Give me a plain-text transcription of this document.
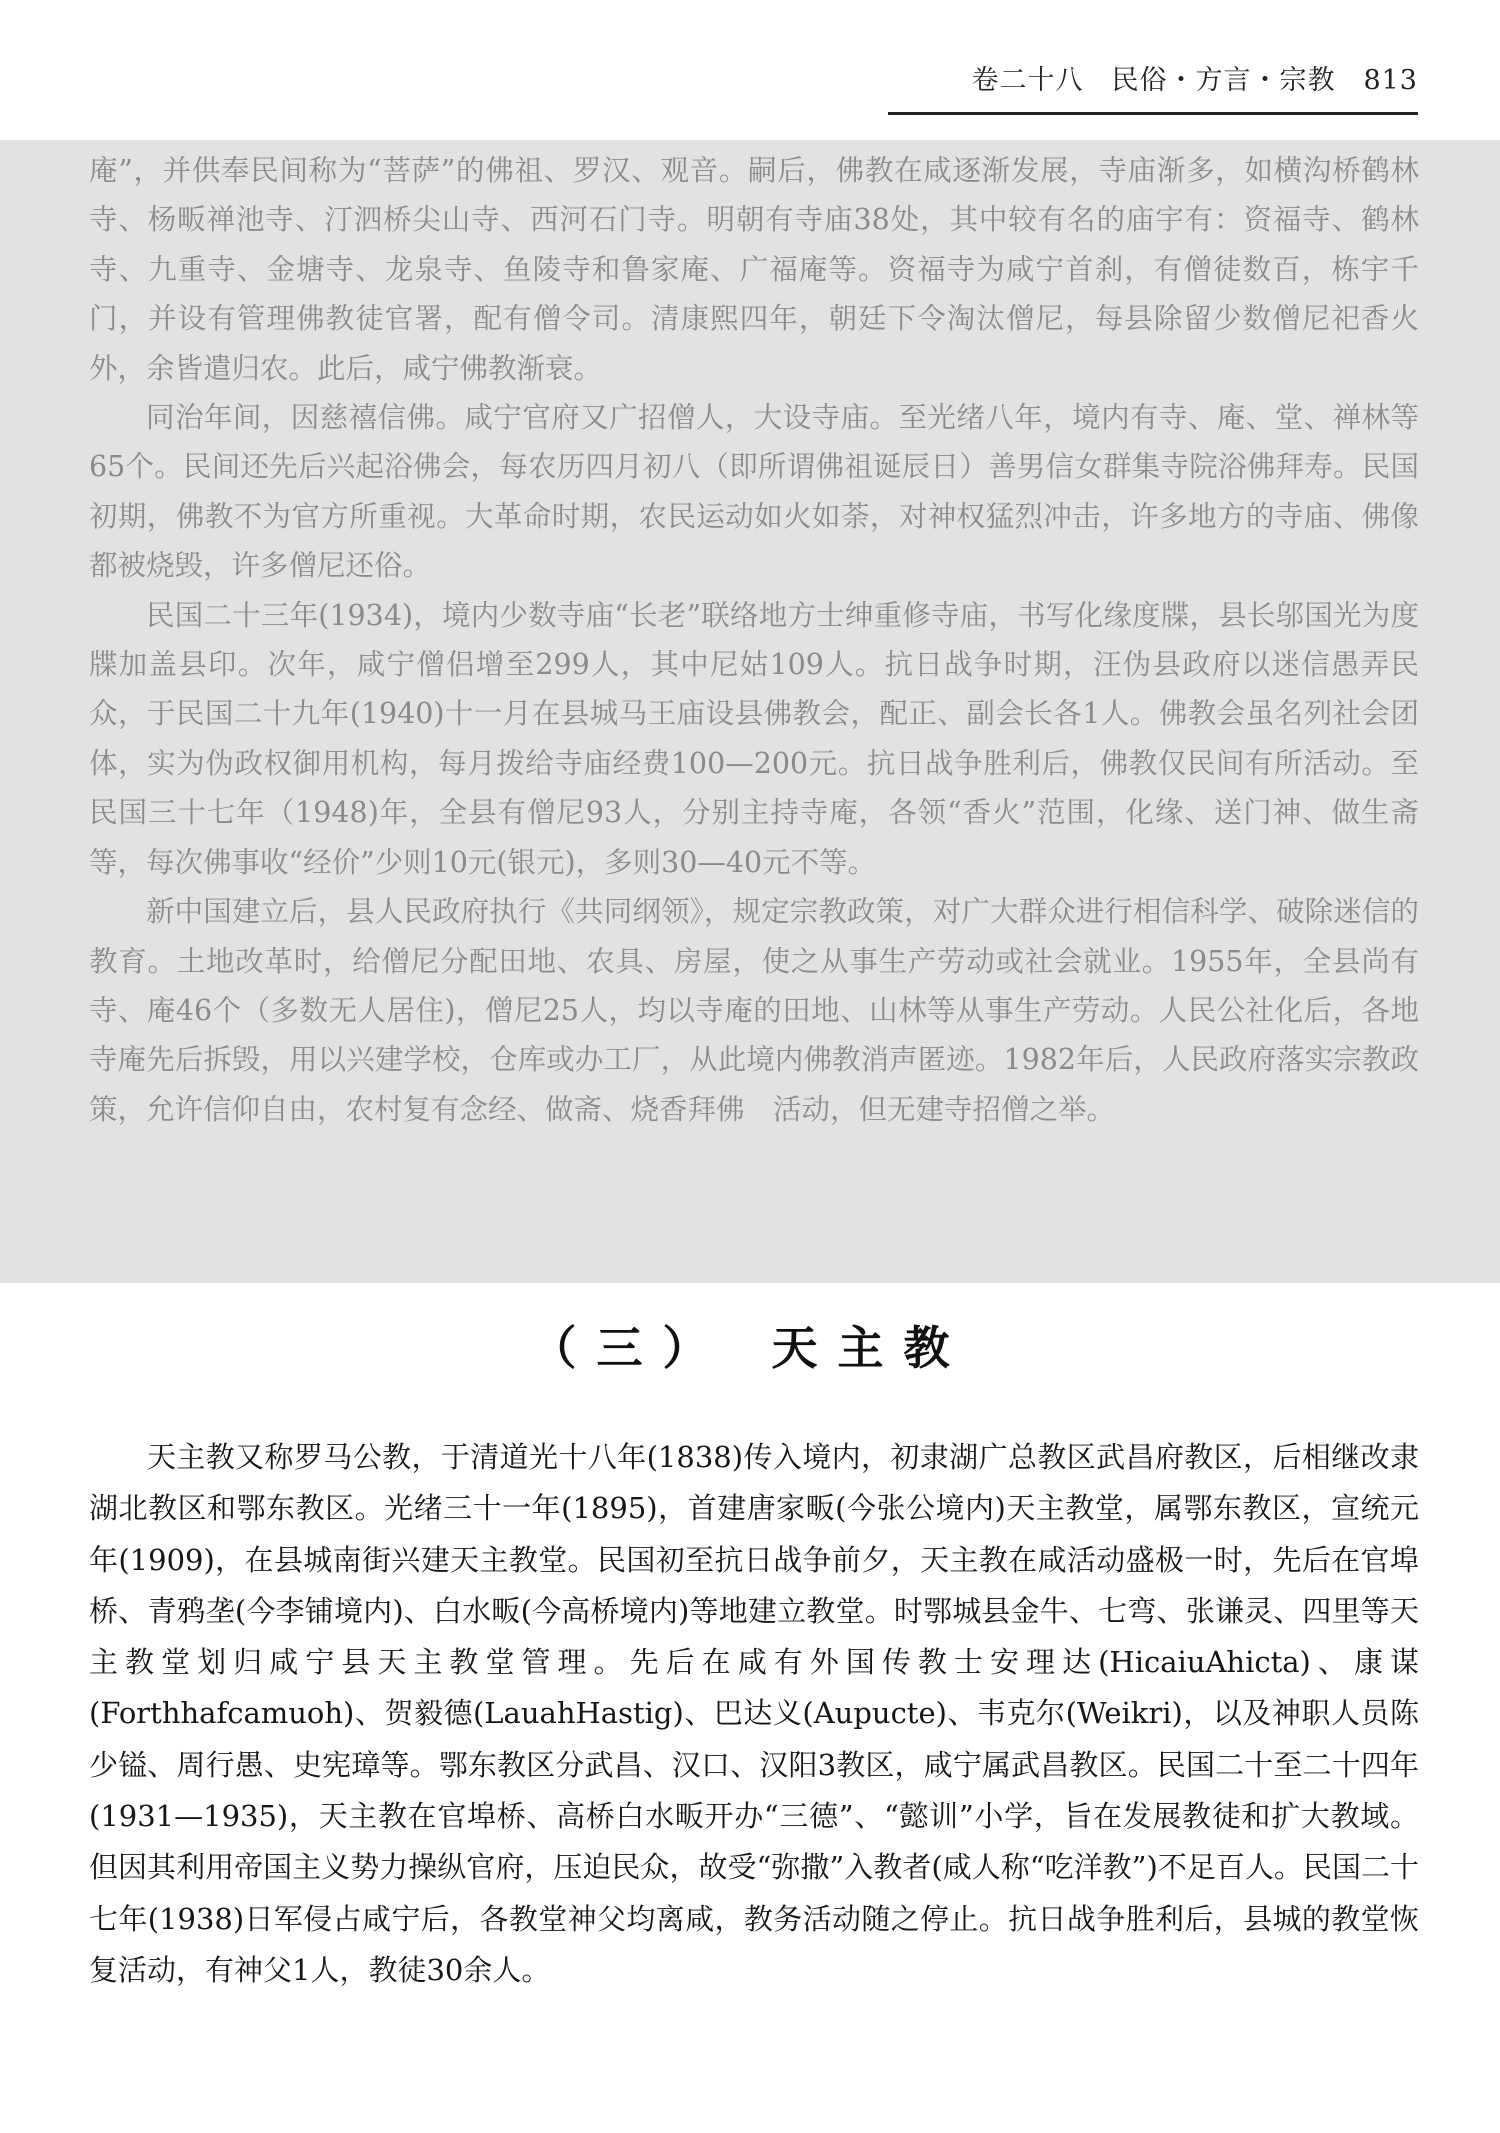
卷二十八　民俗・方言・宗教　813

庵”，并供奉民间称为“菩萨”的佛祖、罗汉、观音。嗣后，佛教在咸逐渐发展，寺庙渐多，如横沟桥鹤林寺、杨畈禅池寺、汀泗桥尖山寺、西河石门寺。明朝有寺庙38处，其中较有名的庙宇有：资福寺、鹤林寺、九重寺、金塘寺、龙泉寺、鱼陵寺和鲁家庵、广福庵等。资福寺为咸宁首刹，有僧徒数百，栋宇千门，并设有管理佛教徒官署，配有僧令司。清康熙四年，朝廷下令淘汰僧尼，每县除留少数僧尼祀香火外，余皆遣归农。此后，咸宁佛教渐衰。

同治年间，因慈禧信佛。咸宁官府又广招僧人，大设寺庙。至光绪八年，境内有寺、庵、堂、禅林等65个。民间还先后兴起浴佛会，每农历四月初八（即所谓佛祖诞辰日）善男信女群集寺院浴佛拜寿。民国初期，佛教不为官方所重视。大革命时期，农民运动如火如荼，对神权猛烈冲击，许多地方的寺庙、佛像都被烧毁，许多僧尼还俗。

民国二十三年(1934)，境内少数寺庙“长老”联络地方士绅重修寺庙，书写化缘度牒，县长邬国光为度牒加盖县印。次年，咸宁僧侣增至299人，其中尼姑109人。抗日战争时期，汪伪县政府以迷信愚弄民众，于民国二十九年(1940)十一月在县城马王庙设县佛教会，配正、副会长各1人。佛教会虽名列社会团体，实为伪政权御用机构，每月拨给寺庙经费100—200元。抗日战争胜利后，佛教仅民间有所活动。至民国三十七年（1948)年，全县有僧尼93人，分别主持寺庵，各领“香火”范围，化缘、送门神、做生斋等，每次佛事收“经价”少则10元(银元)，多则30—40元不等。

新中国建立后，县人民政府执行《共同纲领》，规定宗教政策，对广大群众进行相信科学、破除迷信的教育。土地改革时，给僧尼分配田地、农具、房屋，使之从事生产劳动或社会就业。1955年，全县尚有寺、庵46个（多数无人居住)，僧尼25人，均以寺庵的田地、山林等从事生产劳动。人民公社化后，各地寺庵先后拆毁，用以兴建学校，仓库或办工厂，从此境内佛教消声匿迹。1982年后，人民政府落实宗教政策，允许信仰自由，农村复有念经、做斋、烧香拜佛　活动，但无建寺招僧之举。

（三）　天主教

天主教又称罗马公教，于清道光十八年(1838)传入境内，初隶湖广总教区武昌府教区，后相继改隶湖北教区和鄂东教区。光绪三十一年(1895)，首建唐家畈(今张公境内)天主教堂，属鄂东教区，宣统元年(1909)，在县城南街兴建天主教堂。民国初至抗日战争前夕，天主教在咸活动盛极一时，先后在官埠桥、青鸦垄(今李铺境内)、白水畈(今高桥境内)等地建立教堂。时鄂城县金牛、七弯、张谦灵、四里等天主教堂划归咸宁县天主教堂管理。先后在咸有外国传教士安理达(HicaiuAhicta)、康谋(Forthhafcamuoh)、贺毅德(LauahHastig)、巴达义(Aupucte)、韦克尔(Weikri)，以及神职人员陈少镒、周行愚、史宪璋等。鄂东教区分武昌、汉口、汉阳3教区，咸宁属武昌教区。民国二十至二十四年(1931—1935)，天主教在官埠桥、高桥白水畈开办“三德”、“懿训”小学，旨在发展教徒和扩大教域。但因其利用帝国主义势力操纵官府，压迫民众，故受“弥撒”入教者(咸人称“吃洋教”)不足百人。民国二十七年(1938)日军侵占咸宁后，各教堂神父均离咸，教务活动随之停止。抗日战争胜利后，县城的教堂恢复活动，有神父1人，教徒30余人。
